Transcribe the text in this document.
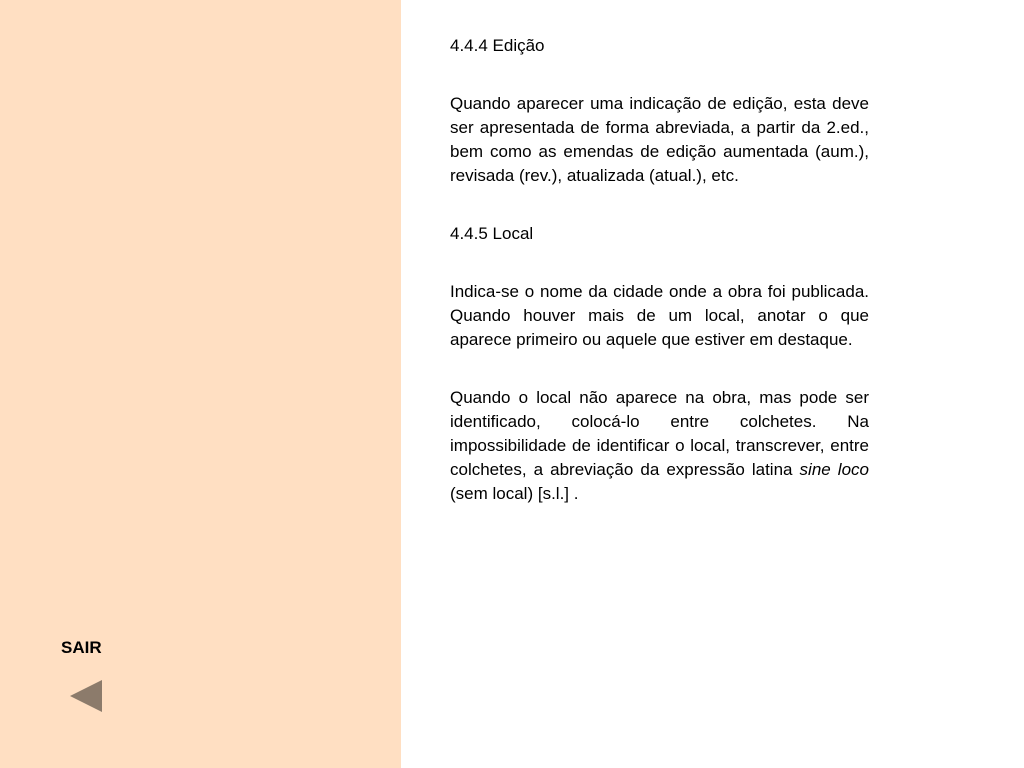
SAIR
4.4.4 Edição

Quando aparecer uma indicação de edição, esta deve ser apresentada de forma abreviada, a partir da 2.ed., bem como as emendas de edição aumentada (aum.), revisada (rev.), atualizada (atual.), etc.

4.4.5 Local

Indica-se o nome da cidade onde a obra foi publicada. Quando houver mais de um local, anotar o que aparece primeiro ou aquele que estiver em destaque.

Quando o local não aparece na obra, mas pode ser identificado, colocá-lo entre colchetes. Na impossibilidade de identificar o local, transcrever, entre colchetes, a abreviação da expressão latina sine loco (sem local) [s.l.] .
